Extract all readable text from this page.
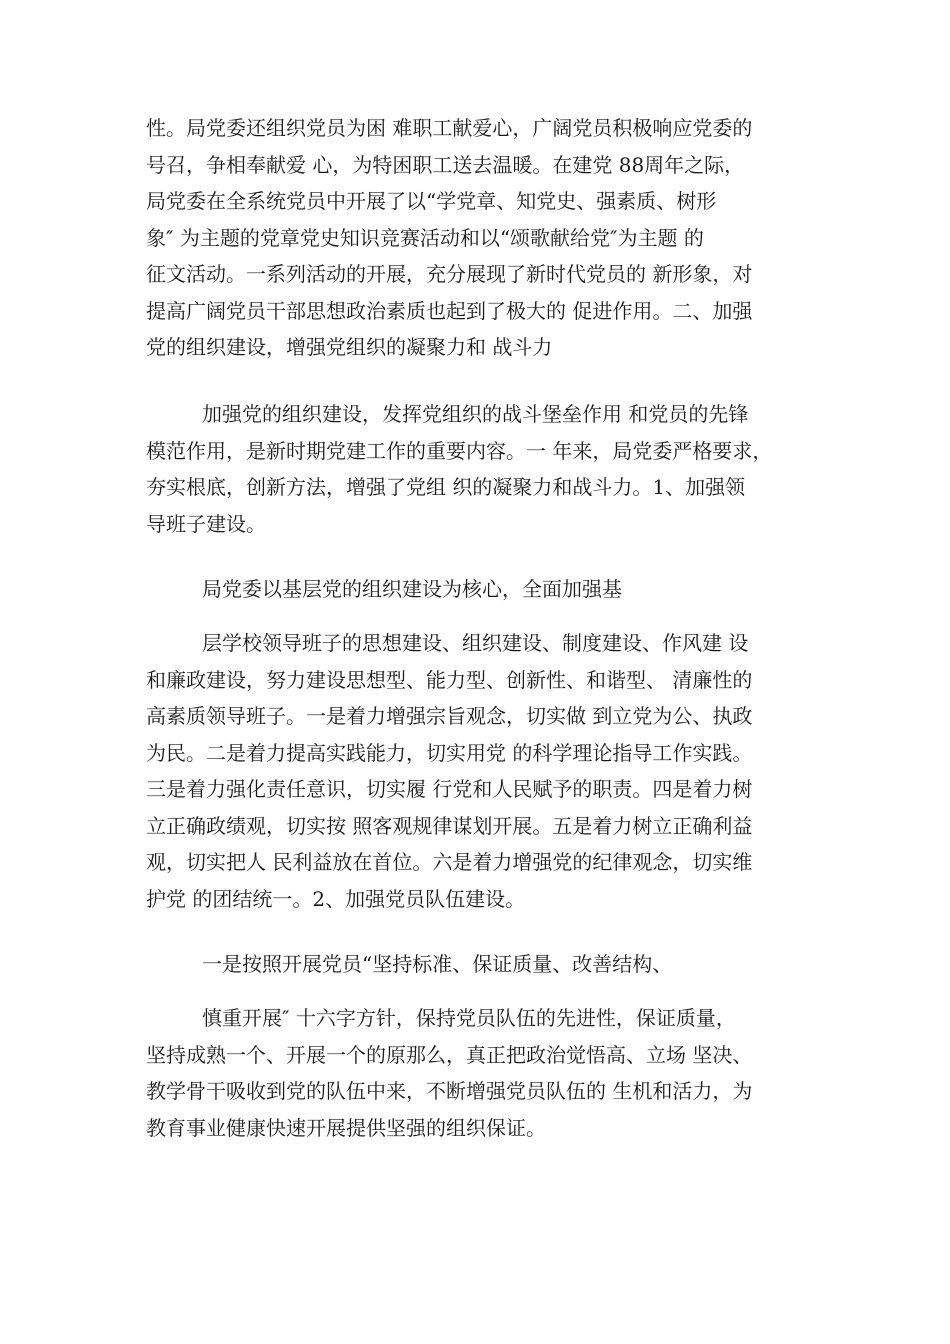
性。局党委还组织党员为困 难职工献爱心，广阔党员积极响应党委的
号召，争相奉献爱 心，为特困职工送去温暖。在建党 88周年之际，
局党委在全系统党员中开展了以“学党章、知党史、强素质、树形
象″ 为主题的党章党史知识竞赛活动和以“颂歌献给党″为主题 的
征文活动。一系列活动的开展，充分展现了新时代党员的 新形象，对
提高广阔党员干部思想政治素质也起到了极大的 促进作用。二、加强
党的组织建设，增强党组织的凝聚力和 战斗力
加强党的组织建设，发挥党组织的战斗堡垒作用 和党员的先锋
模范作用，是新时期党建工作的重要内容。一 年来，局党委严格要求，
夯实根底，创新方法，增强了党组 织的凝聚力和战斗力。1、加强领
导班子建设。
局党委以基层党的组织建设为核心，全面加强基
层学校领导班子的思想建设、组织建设、制度建设、作风建 设
和廉政建设，努力建设思想型、能力型、创新性、和谐型、 清廉性的
高素质领导班子。一是着力增强宗旨观念，切实做 到立党为公、执政
为民。二是着力提高实践能力，切实用党 的科学理论指导工作实践。
三是着力强化责任意识，切实履 行党和人民赋予的职责。四是着力树
立正确政绩观，切实按 照客观规律谋划开展。五是着力树立正确利益
观，切实把人 民利益放在首位。六是着力增强党的纪律观念，切实维
护党 的团结统一。2、加强党员队伍建设。
一是按照开展党员“坚持标准、保证质量、改善结构、
慎重开展″ 十六字方针，保持党员队伍的先进性，保证质量，
坚持成熟一个、开展一个的原那么，真正把政治觉悟高、立场 坚决、
教学骨干吸收到党的队伍中来，不断增强党员队伍的 生机和活力，为
教育事业健康快速开展提供坚强的组织保证。
